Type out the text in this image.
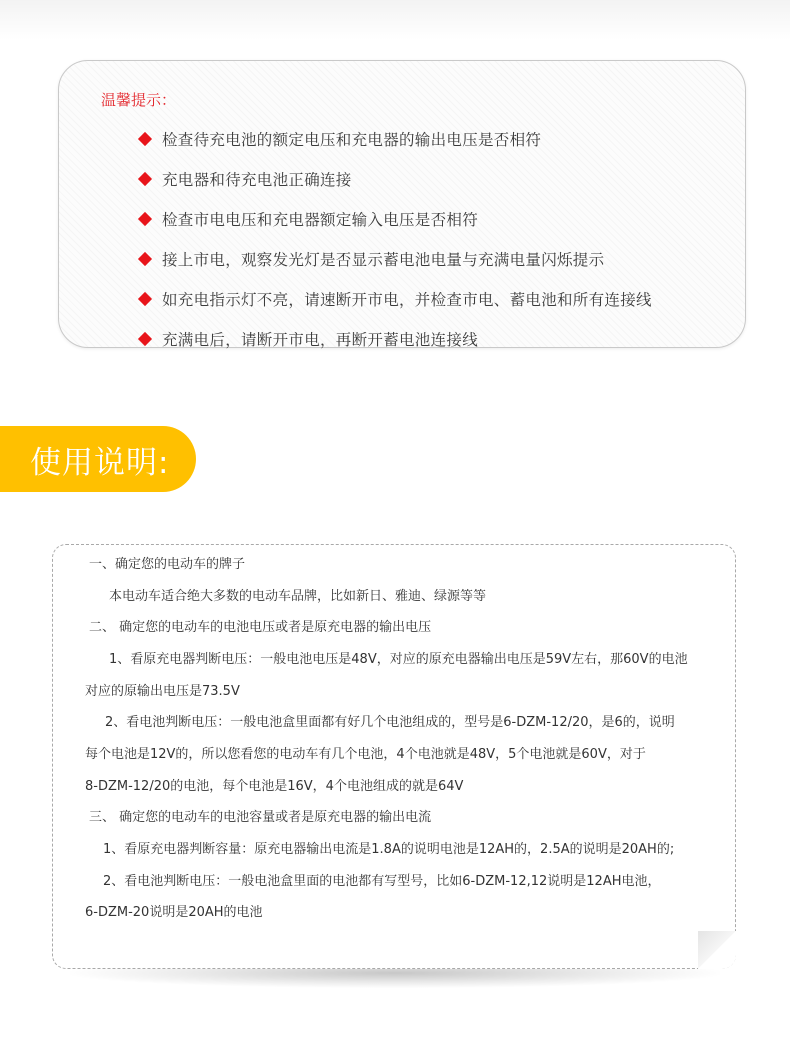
温馨提示：
检查待充电池的额定电压和充电器的输出电压是否相符
充电器和待充电池正确连接
检查市电电压和充电器额定输入电压是否相符
接上市电，观察发光灯是否显示蓄电池电量与充满电量闪烁提示
如充电指示灯不亮，请速断开市电，并检查市电、蓄电池和所有连接线
充满电后，请断开市电，再断开蓄电池连接线
使用说明:
一、确定您的电动车的牌子
本电动车适合绝大多数的电动车品牌，比如新日、雅迪、绿源等等
二、 确定您的电动车的电池电压或者是原充电器的输出电压
1、看原充电器判断电压：一般电池电压是48V，对应的原充电器输出电压是59V左右，那60V的电池
对应的原输出电压是73.5V
2、看电池判断电压：一般电池盒里面都有好几个电池组成的，型号是6-DZM-12/20，是6的，说明
每个电池是12V的，所以您看您的电动车有几个电池，4个电池就是48V，5个电池就是60V，对于
8-DZM-12/20的电池，每个电池是16V，4个电池组成的就是64V
三、 确定您的电动车的电池容量或者是原充电器的输出电流
1、看原充电器判断容量：原充电器输出电流是1.8A的说明电池是12AH的，2.5A的说明是20AH的;
2、看电池判断电压：一般电池盒里面的电池都有写型号，比如6-DZM-12,12说明是12AH电池，
6-DZM-20说明是20AH的电池
